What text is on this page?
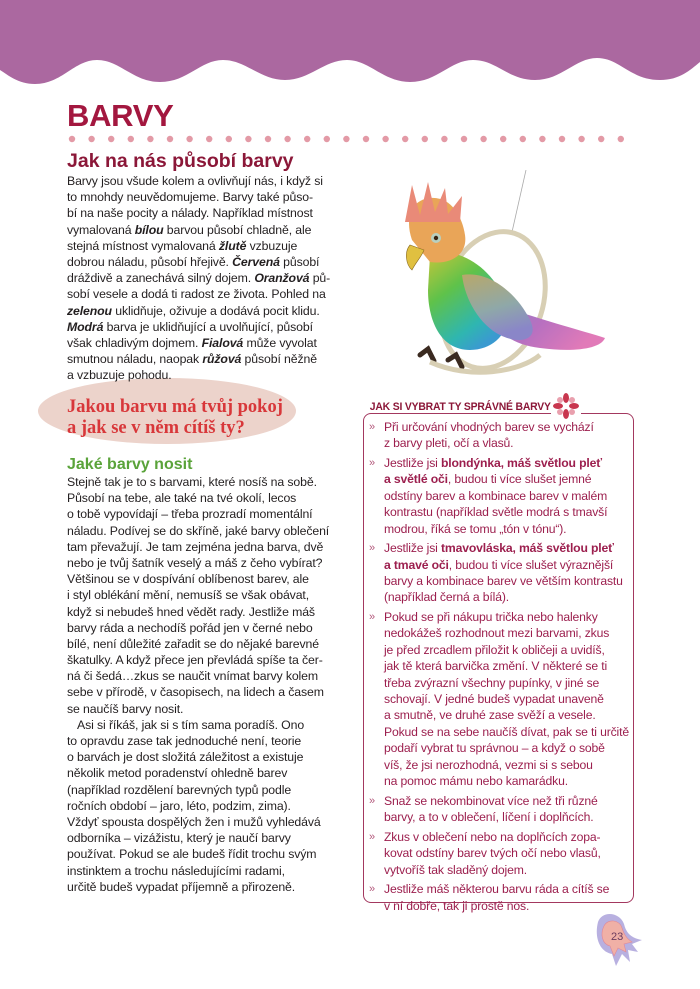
BARVY
Jak na nás působí barvy
Barvy jsou všude kolem a ovlivňují nás, i když si
to mnohdy neuvědomujeme. Barvy také půso-
bí na naše pocity a nálady. Například místnost
vymalovaná bílou barvou působí chladně, ale
stejná místnost vymalovaná žlutě vzbuzuje
dobrou náladu, působí hřejivě. Červená působí
dráždivě a zanechává silný dojem. Oranžová pů-
sobí vesele a dodá ti radost ze života. Pohled na
zelenou uklidňuje, oživuje a dodává pocit klidu.
Modrá barva je uklidňující a uvolňující, působí
však chladivým dojmem. Fialová může vyvolat
smutnou náladu, naopak růžová působí něžně
a vzbuzuje pohodu.
Jakou barvu má tvůj pokoj
a jak se v něm cítíš ty?
Jaké barvy nosit
Stejně tak je to s barvami, které nosíš na sobě.
Působí na tebe, ale také na tvé okolí, lecos
o tobě vypovídají – třeba prozradí momentální
náladu. Podívej se do skříně, jaké barvy oblečení
tam převažují. Je tam zejména jedna barva, dvě
nebo je tvůj šatník veselý a máš z čeho vybírat?
Většinou se v dospívání oblíbenost barev, ale
i styl oblékání mění, nemusíš se však obávat,
když si nebudeš hned vědět rady. Jestliže máš
barvy ráda a nechodíš pořád jen v černé nebo
bílé, není důležité zařadit se do nějaké barevné
škatulky. A když přece jen převládá spíše ta čer-
ná či šedá…zkus se naučit vnímat barvy kolem
sebe v přírodě, v časopisech, na lidech a časem
se naučíš barvy nosit.
Asi si říkáš, jak si s tím sama poradíš. Ono
to opravdu zase tak jednoduché není, teorie
o barvách je dost složitá záležitost a existuje
několik metod poradenství ohledně barev
(například rozdělení barevných typů podle
ročních období – jaro, léto, podzim, zima).
Vždyť spousta dospělých žen i mužů vyhledává
odborníka – vizážistu, který je naučí barvy
používat. Pokud se ale budeš řídit trochu svým
instinktem a trochu následujícími radami,
určitě budeš vypadat příjemně a přirozeně.
JAK SI VYBRAT TY SPRÁVNÉ BARVY
» Při určování vhodných barev se vychází
z barvy pleti, očí a vlasů.
» Jestliže jsi blondýnka, máš světlou pleť
a světlé oči, budou ti více slušet jemné
odstíny barev a kombinace barev v malém
kontrastu (například světle modrá s tmavší
modrou, říká se tomu „tón v tónu“).
» Jestliže jsi tmavovláska, máš světlou pleť
a tmavé oči, budou ti více slušet výraznější
barvy a kombinace barev ve větším kontrastu
(například černá a bílá).
» Pokud se při nákupu trička nebo halenky
nedokážeš rozhodnout mezi barvami, zkus
je před zrcadlem přiložit k obličeji a uvidíš,
jak tě která barvička změní. V některé se ti
třeba zvýrazní všechny pupínky, v jiné se
schovají. V jedné budeš vypadat unaveně
a smutně, ve druhé zase svěží a vesele.
Pokud se na sebe naučíš dívat, pak se ti určitě
podaří vybrat tu správnou – a když o sobě
víš, že jsi nerozhodná, vezmi si s sebou
na pomoc mámu nebo kamarádku.
» Snaž se nekombinovat více než tři různé
barvy, a to v oblečení, líčení i doplňcích.
» Zkus v oblečení nebo na doplňcích zopa-
kovat odstíny barev tvých očí nebo vlasů,
vytvoříš tak sladěný dojem.
» Jestliže máš některou barvu ráda a cítíš se
v ní dobře, tak ji prostě nos.
23
